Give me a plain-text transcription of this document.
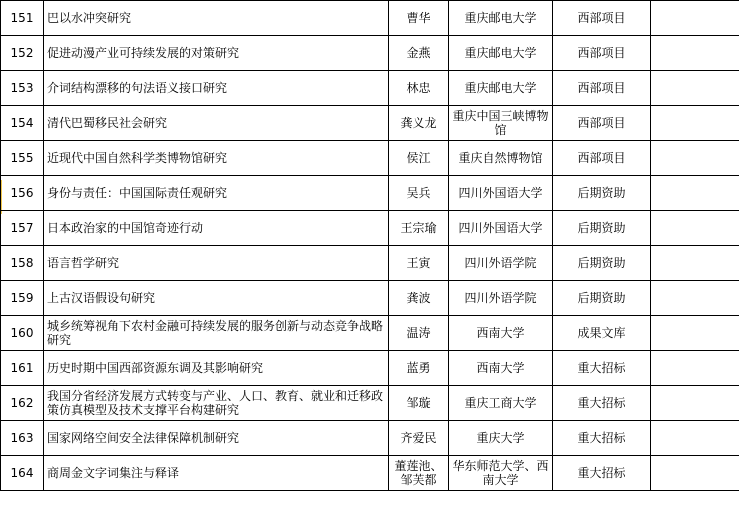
151	巴以水冲突研究	曹华	重庆邮电大学	西部项目	
152	促进动漫产业可持续发展的对策研究	金燕	重庆邮电大学	西部项目	
153	介词结构漂移的句法语义接口研究	林忠	重庆邮电大学	西部项目	
154	清代巴蜀移民社会研究	龚义龙	重庆中国三峡博物馆	西部项目	
155	近现代中国自然科学类博物馆研究	侯江	重庆自然博物馆	西部项目	
156	身份与责任：中国国际责任观研究	吴兵	四川外国语大学	后期资助	
157	日本政治家的中国馆奇迹行动	王宗瑜	四川外国语大学	后期资助	
158	语言哲学研究	王寅	四川外语学院	后期资助	
159	上古汉语假设句研究	龚波	四川外语学院	后期资助	
160	城乡统筹视角下农村金融可持续发展的服务创新与动态竞争战略研究	温涛	西南大学	成果文库	
161	历史时期中国西部资源东调及其影响研究	蓝勇	西南大学	重大招标	
162	我国分省经济发展方式转变与产业、人口、教育、就业和迁移政策仿真模型及技术支撑平台构建研究	邹璇	重庆工商大学	重大招标	
163	国家网络空间安全法律保障机制研究	齐爱民	重庆大学	重大招标	
164	商周金文字词集注与释译	董莲池、邹芙都	华东师范大学、西南大学	重大招标	
